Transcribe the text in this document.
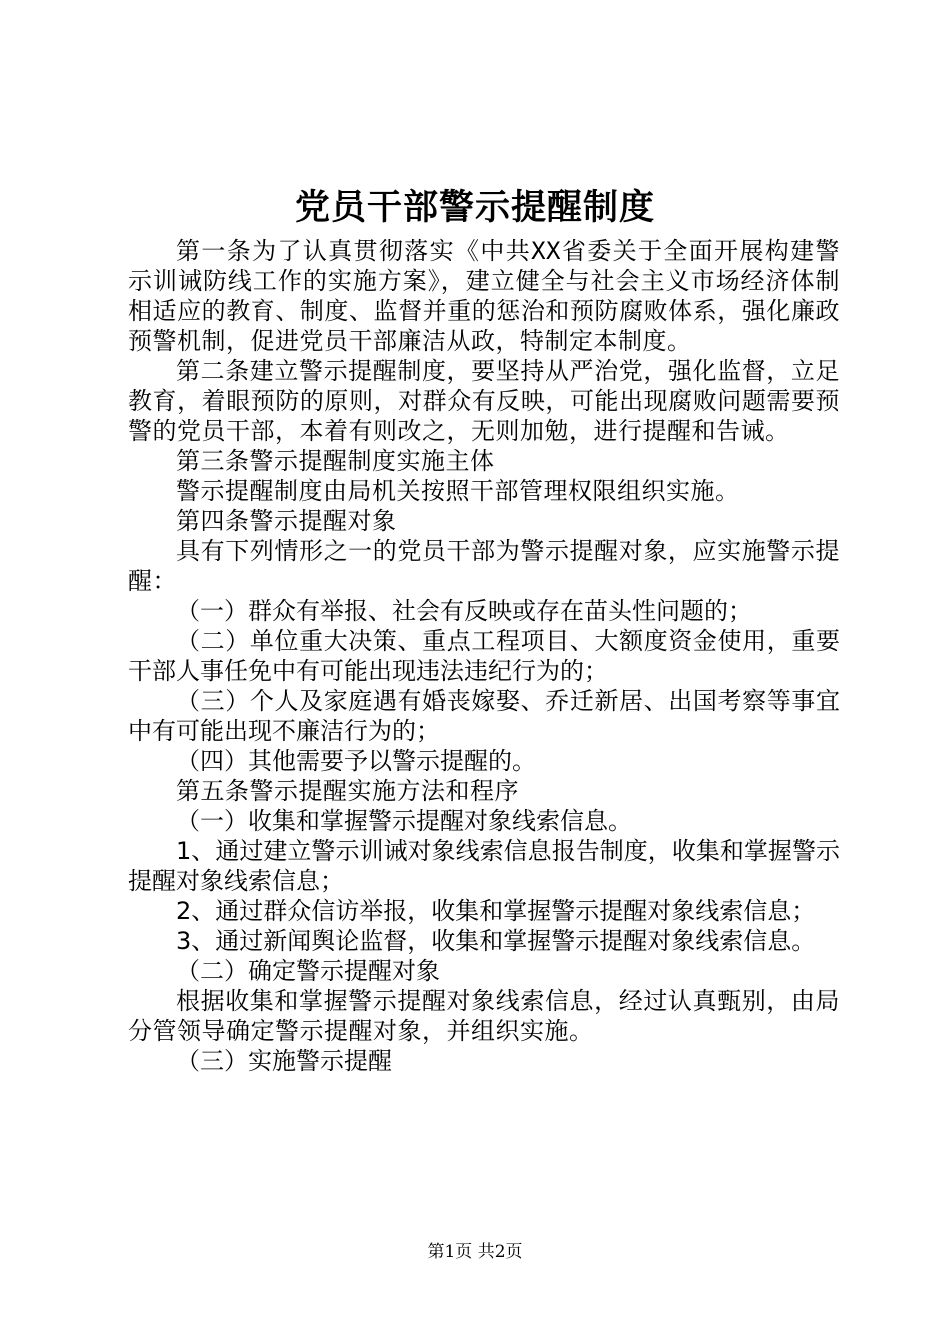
党员干部警示提醒制度

第一条为了认真贯彻落实《中共XX省委关于全面开展构建警示训诫防线工作的实施方案》，建立健全与社会主义市场经济体制相适应的教育、制度、监督并重的惩治和预防腐败体系，强化廉政预警机制，促进党员干部廉洁从政，特制定本制度。

第二条建立警示提醒制度，要坚持从严治党，强化监督，立足教育，着眼预防的原则，对群众有反映，可能出现腐败问题需要预警的党员干部，本着有则改之，无则加勉，进行提醒和告诫。

第三条警示提醒制度实施主体

警示提醒制度由局机关按照干部管理权限组织实施。

第四条警示提醒对象

具有下列情形之一的党员干部为警示提醒对象，应实施警示提醒：

（一）群众有举报、社会有反映或存在苗头性问题的；

（二）单位重大决策、重点工程项目、大额度资金使用，重要干部人事任免中有可能出现违法违纪行为的；

（三）个人及家庭遇有婚丧嫁娶、乔迁新居、出国考察等事宜中有可能出现不廉洁行为的；

（四）其他需要予以警示提醒的。

第五条警示提醒实施方法和程序

（一）收集和掌握警示提醒对象线索信息。

1、通过建立警示训诫对象线索信息报告制度，收集和掌握警示提醒对象线索信息；

2、通过群众信访举报，收集和掌握警示提醒对象线索信息；

3、通过新闻舆论监督，收集和掌握警示提醒对象线索信息。

（二）确定警示提醒对象

根据收集和掌握警示提醒对象线索信息，经过认真甄别，由局分管领导确定警示提醒对象，并组织实施。

（三）实施警示提醒

第1页 共2页
